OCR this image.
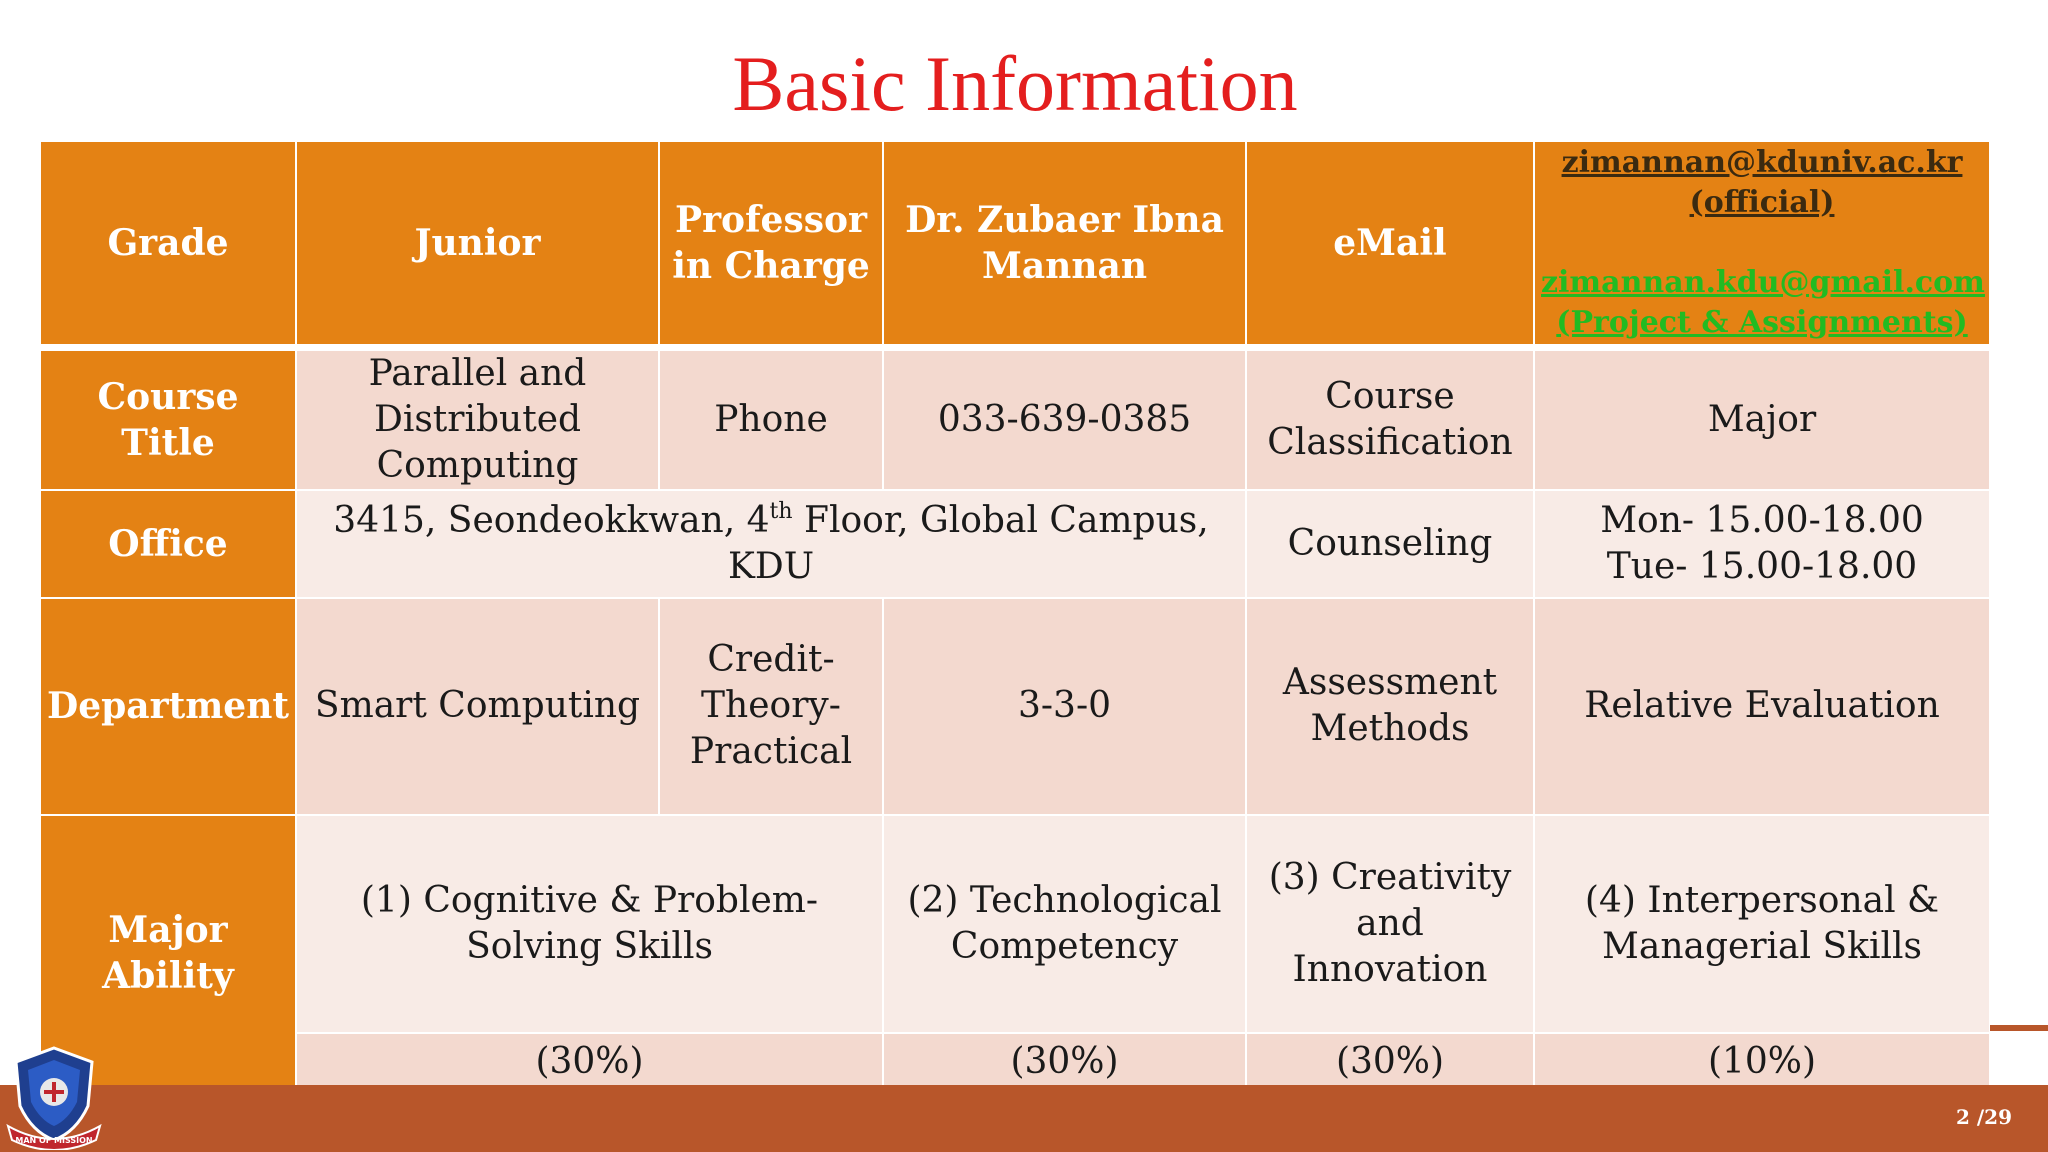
Basic Information
Grade	Junior	Professor in Charge	Dr. Zubaer Ibna Mannan	eMail	zimannan@kduniv.ac.kr
(official)
zimannan.kdu@gmail.com
(Project & Assignments)

Course Title	Parallel and Distributed Computing	Phone	033-639-0385	Course Classification	Major
Office	3415, Seondeokkwan, 4th Floor, Global Campus, KDU			Counseling	Mon- 15.00-18.00
Tue- 15.00-18.00

Department	Smart Computing	Credit-Theory-Practical	3-3-0	Assessment Methods	Relative Evaluation
Major Ability	(1) Cognitive & Problem-Solving Skills		(2) Technological Competency	(3) Creativity and Innovation	(4) Interpersonal & Managerial Skills
	(30%)		(30%)	(30%)	(10%)
MAN OF MISSION
2 /29
